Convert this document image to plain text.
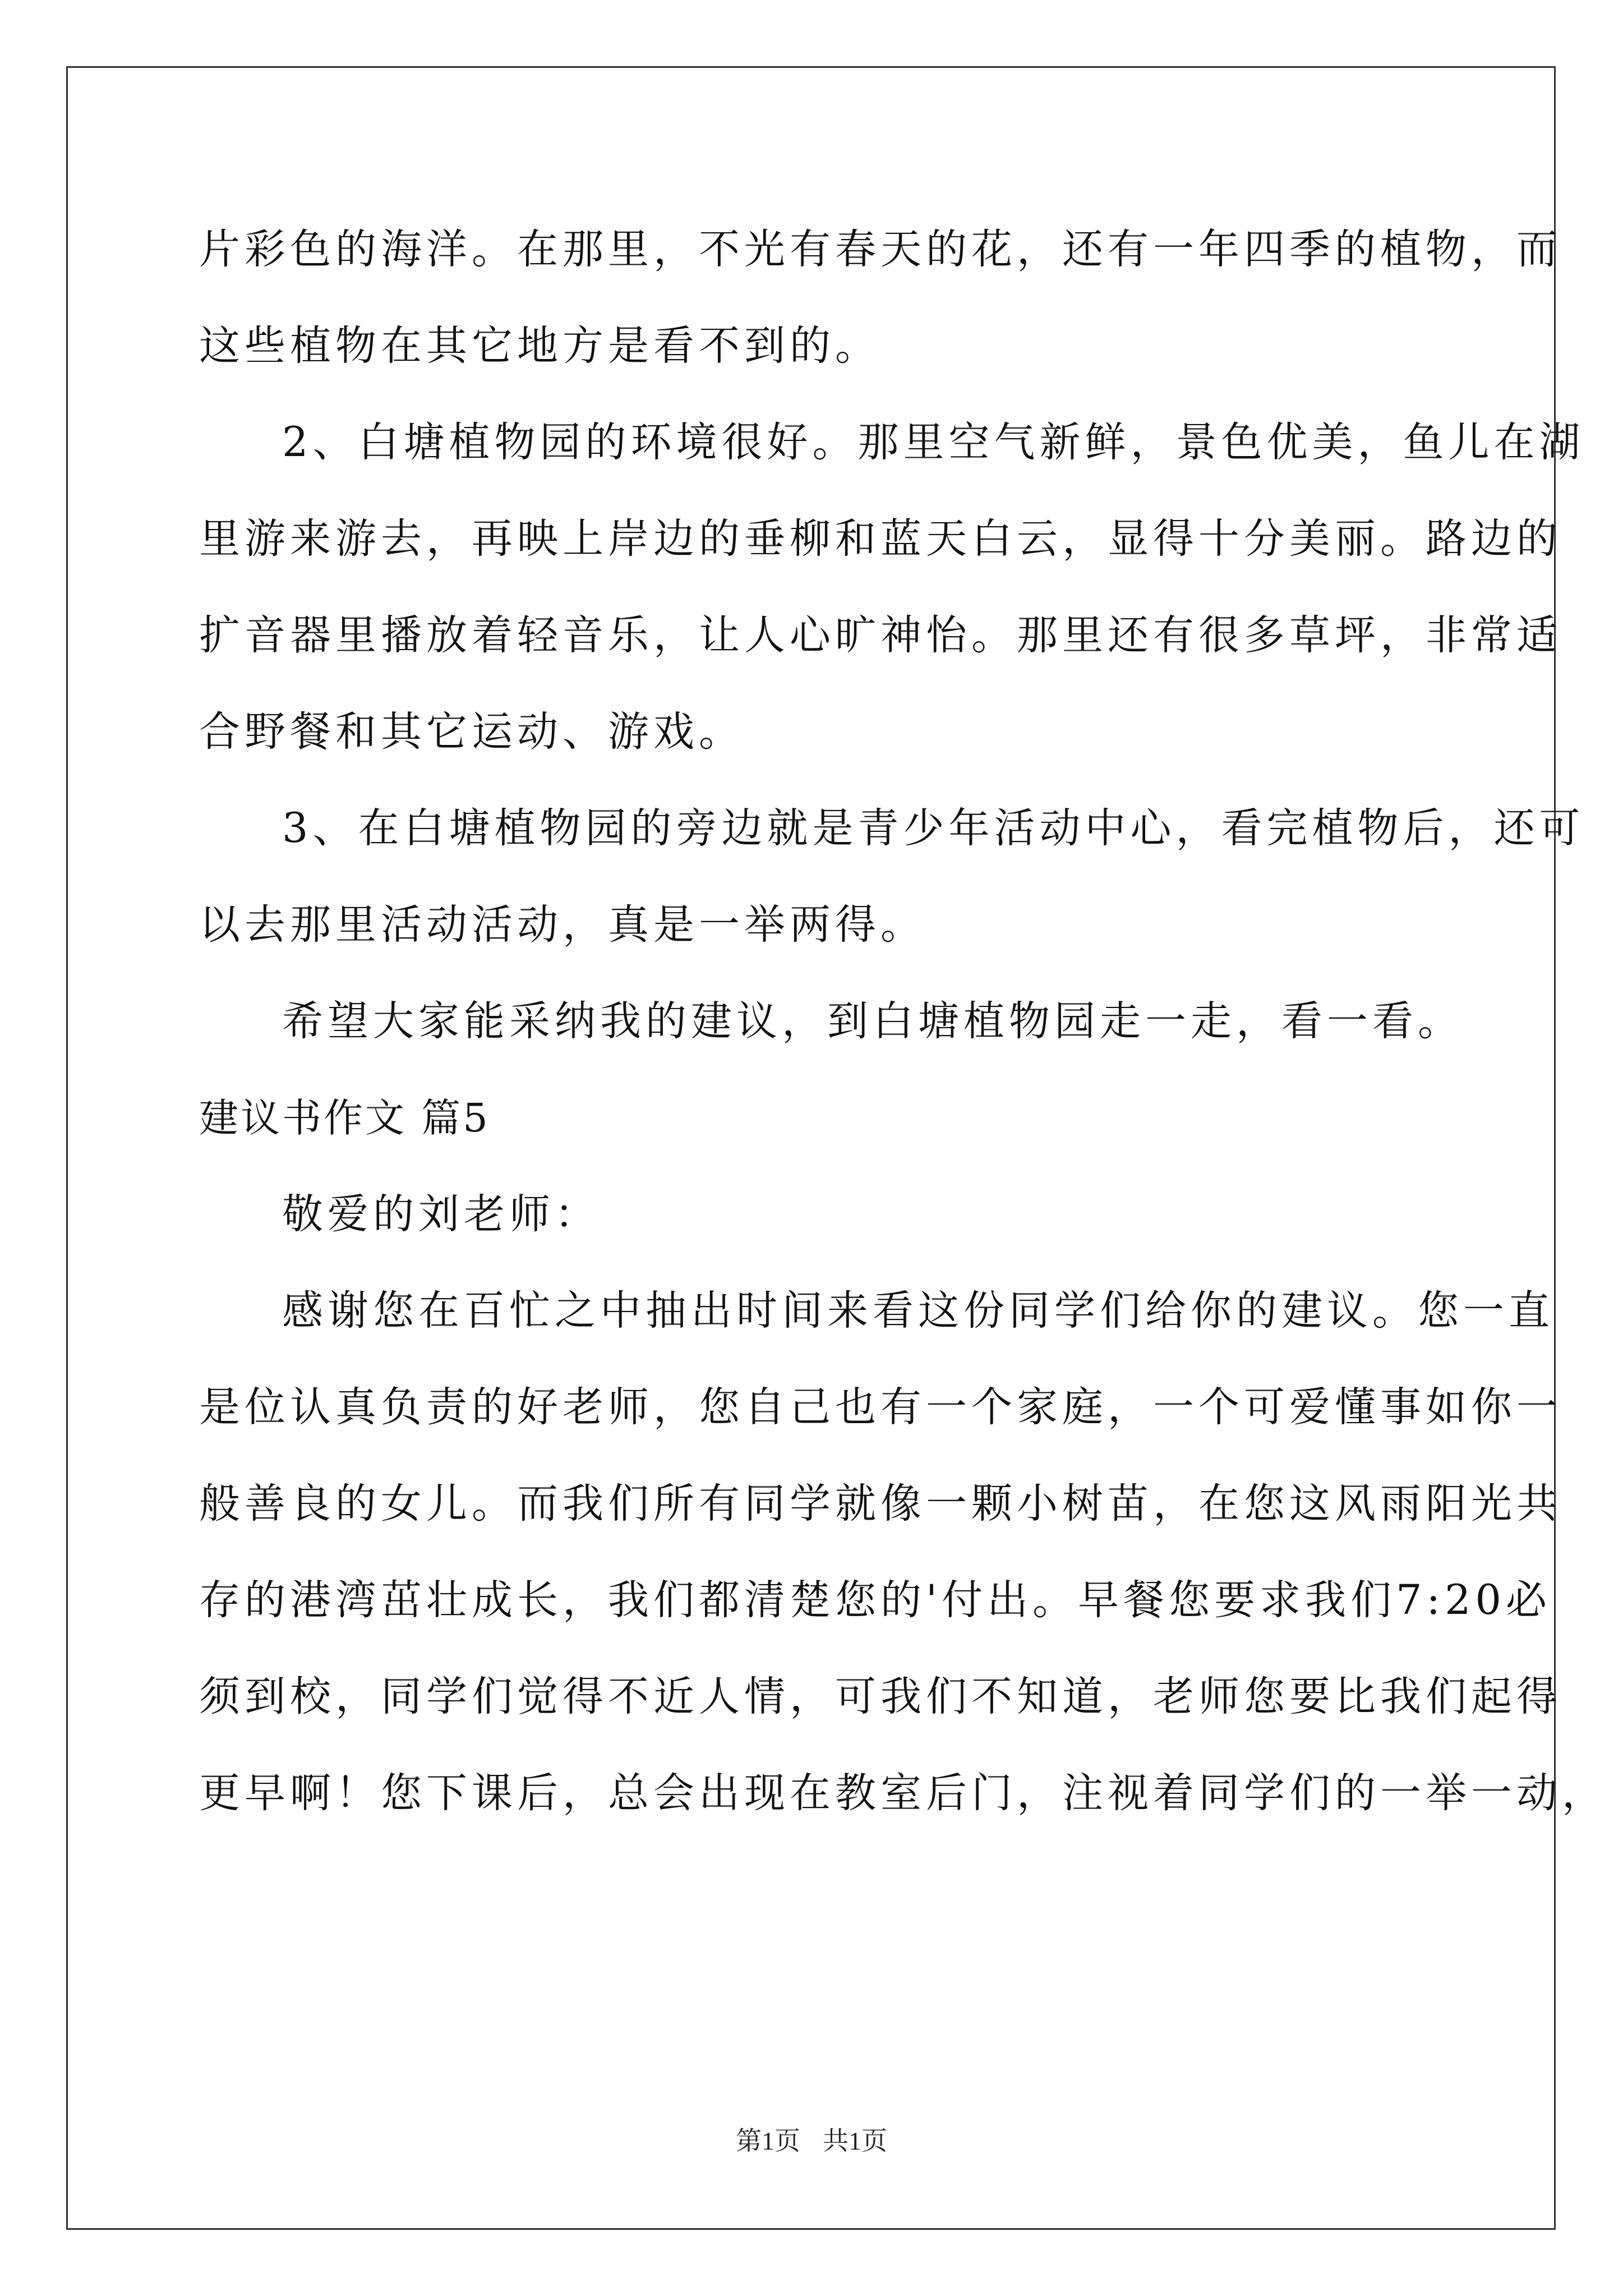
片彩色的海洋。在那里，不光有春天的花，还有一年四季的植物，而
这些植物在其它地方是看不到的。
2、白塘植物园的环境很好。那里空气新鲜，景色优美，鱼儿在湖
里游来游去，再映上岸边的垂柳和蓝天白云，显得十分美丽。路边的
扩音器里播放着轻音乐，让人心旷神怡。那里还有很多草坪，非常适
合野餐和其它运动、游戏。
3、在白塘植物园的旁边就是青少年活动中心，看完植物后，还可
以去那里活动活动，真是一举两得。
希望大家能采纳我的建议，到白塘植物园走一走，看一看。
建议书作文 篇5
敬爱的刘老师：
感谢您在百忙之中抽出时间来看这份同学们给你的建议。您一直
是位认真负责的好老师，您自己也有一个家庭，一个可爱懂事如你一
般善良的女儿。而我们所有同学就像一颗小树苗，在您这风雨阳光共
存的港湾茁壮成长，我们都清楚您的'付出。早餐您要求我们7:20必
须到校，同学们觉得不近人情，可我们不知道，老师您要比我们起得
更早啊！您下课后，总会出现在教室后门，注视着同学们的一举一动，
第1页 共1页
